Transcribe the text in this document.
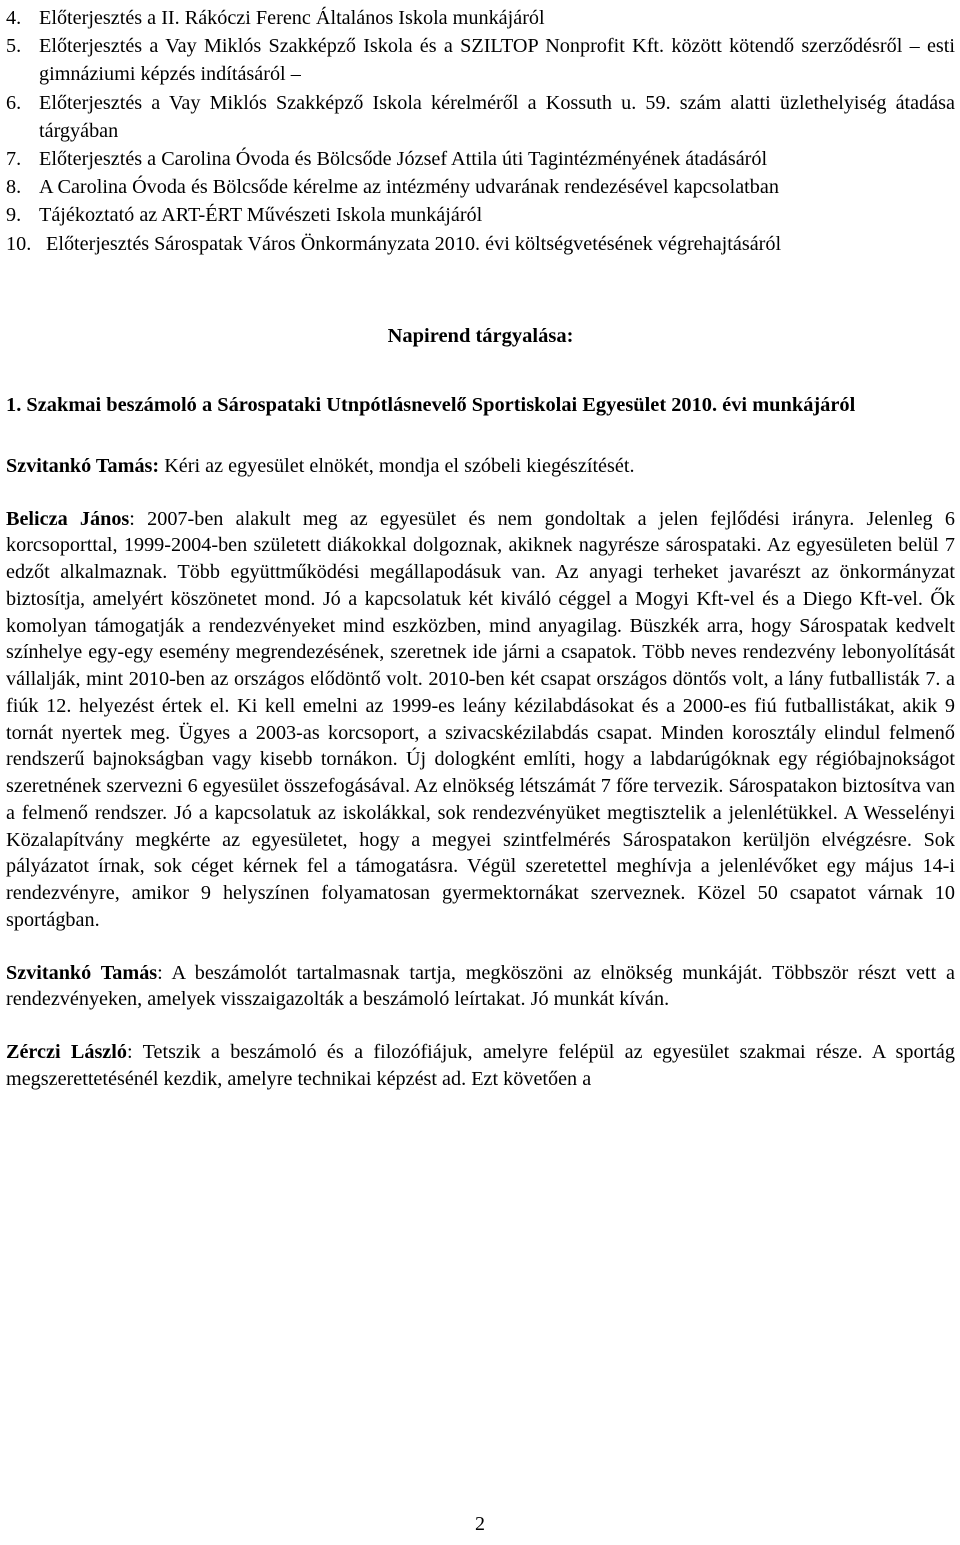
4. Előterjesztés a II. Rákóczi Ferenc Általános Iskola munkájáról
5. Előterjesztés a Vay Miklós Szakképző Iskola és a SZILTOP Nonprofit Kft. között kötendő szerződésről – esti gimnáziumi képzés indításáról –
6. Előterjesztés a Vay Miklós Szakképző Iskola kérelméről a Kossuth u. 59. szám alatti üzlethelyiség átadása tárgyában
7. Előterjesztés a Carolina Óvoda és Bölcsőde József Attila úti Tagintézményének átadásáról
8. A Carolina Óvoda és Bölcsőde kérelme az intézmény udvarának rendezésével kapcsolatban
9. Tájékoztató az ART-ÉRT Művészeti Iskola munkájáról
10. Előterjesztés Sárospatak Város Önkormányzata 2010. évi költségvetésének végrehajtásáról

Napirend tárgyalása:

1. Szakmai beszámoló a Sárospataki Utnpótlásnevelő Sportiskolai Egyesület 2010. évi munkájáról

Szvitankó Tamás: Kéri az egyesület elnökét, mondja el szóbeli kiegészítését.

Belicza János: 2007-ben alakult meg az egyesület és nem gondoltak a jelen fejlődési irányra. Jelenleg 6 korcsoporttal, 1999-2004-ben született diákokkal dolgoznak, akiknek nagyrésze sárospataki. Az egyesületen belül 7 edzőt alkalmaznak. Több együttműködési megállapodásuk van. Az anyagi terheket javarészt az önkormányzat biztosítja, amelyért köszönetet mond. Jó a kapcsolatuk két kiváló céggel a Mogyi Kft-vel és a Diego Kft-vel. Ők komolyan támogatják a rendezvényeket mind eszközben, mind anyagilag. Büszkék arra, hogy Sárospatak kedvelt színhelye egy-egy esemény megrendezésének, szeretnek ide járni a csapatok. Több neves rendezvény lebonyolítását vállalják, mint 2010-ben az országos elődöntő volt. 2010-ben két csapat országos döntős volt, a lány futballisták 7. a fiúk 12. helyezést értek el. Ki kell emelni az 1999-es leány kézilabdásokat és a 2000-es fiú futballistákat, akik 9 tornát nyertek meg. Ügyes a 2003-as korcsoport, a szivacskézilabdás csapat. Minden korosztály elindul felmenő rendszerű bajnokságban vagy kisebb tornákon. Új dologként említi, hogy a labdarúgóknak egy régióbajnokságot szeretnének szervezni 6 egyesület összefogásával. Az elnökség létszámát 7 főre tervezik. Sárospatakon biztosítva van a felmenő rendszer. Jó a kapcsolatuk az iskolákkal, sok rendezvényüket megtisztelik a jelenlétükkel. A Wesselényi Közalapítvány megkérte az egyesületet, hogy a megyei szintfelmérés Sárospatakon kerüljön elvégzésre. Sok pályázatot írnak, sok céget kérnek fel a támogatásra. Végül szeretettel meghívja a jelenlévőket egy május 14-i rendezvényre, amikor 9 helyszínen folyamatosan gyermektornákat szerveznek. Közel 50 csapatot várnak 10 sportágban.

Szvitankó Tamás: A beszámolót tartalmasnak tartja, megköszöni az elnökség munkáját. Többször részt vett a rendezvényeken, amelyek visszaigazolták a beszámoló leírtakat. Jó munkát kíván.

Zérczi László: Tetszik a beszámoló és a filozófiájuk, amelyre felépül az egyesület szakmai része. A sportág megszerettetésénél kezdik, amelyre technikai képzést ad. Ezt követően a

2
